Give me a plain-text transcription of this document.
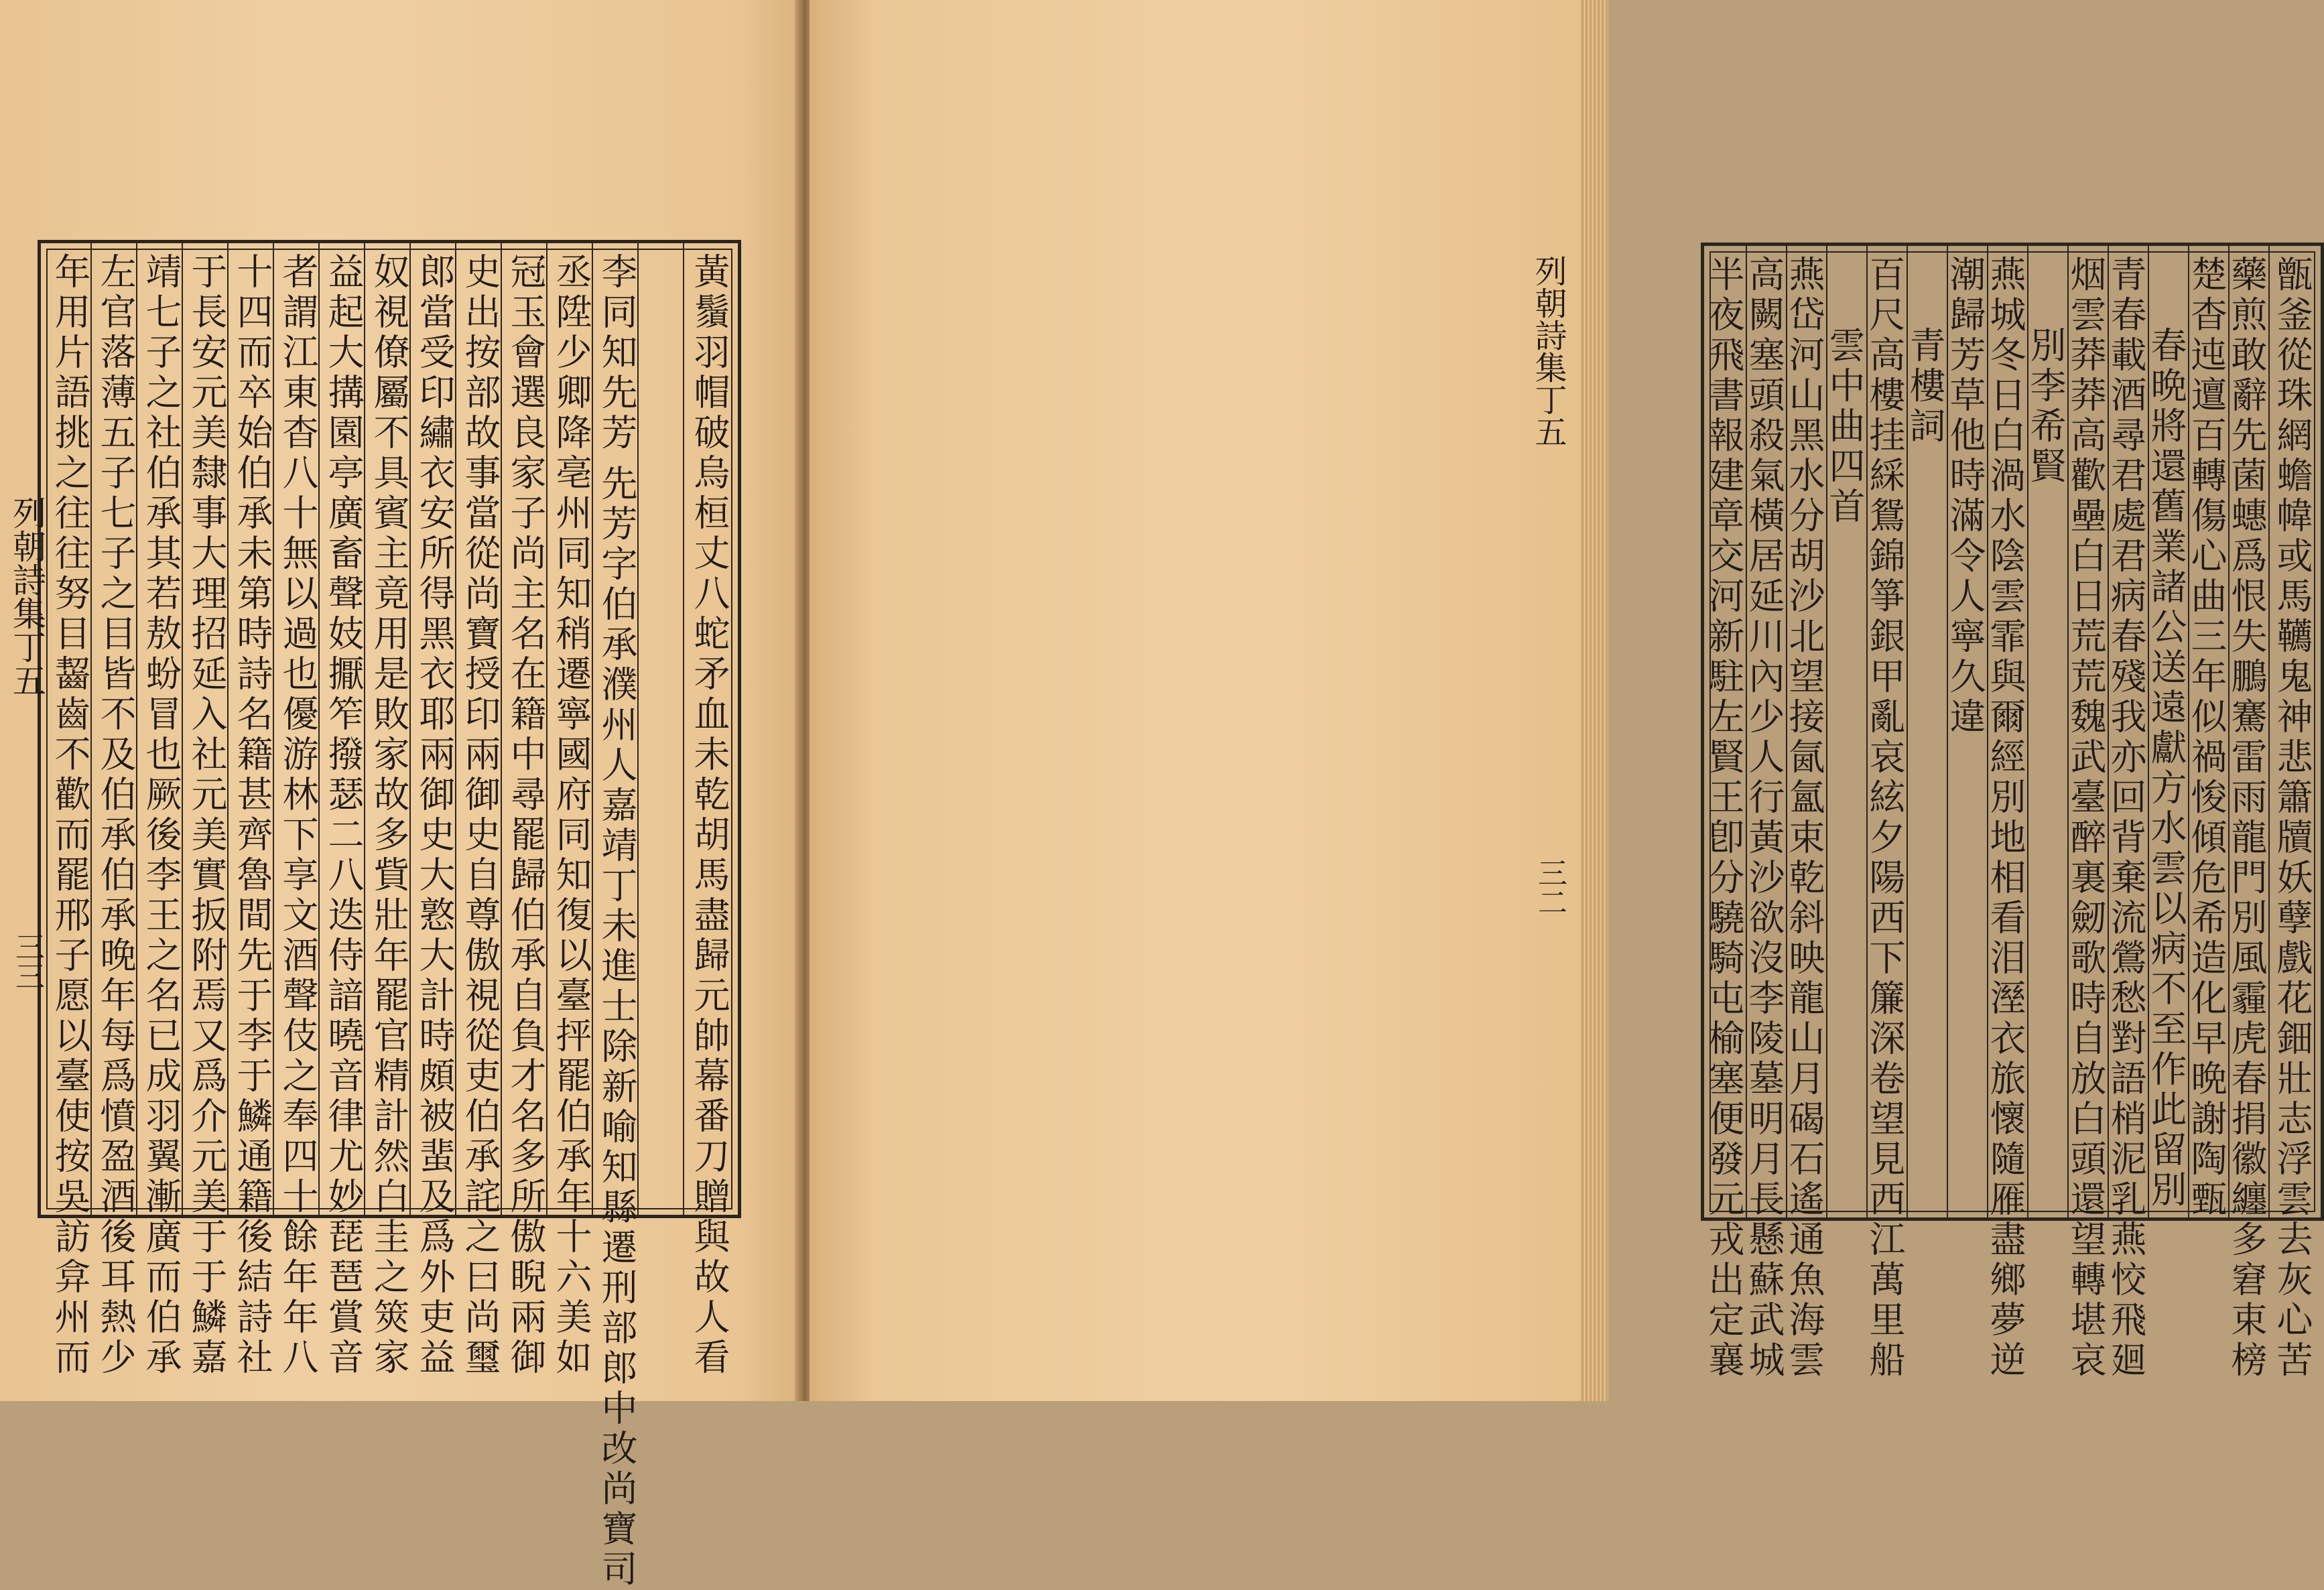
黃鬚羽帽破烏桓丈八蛇矛血未乾胡馬盡歸元帥幕番刀贈與故人看
李同知先芳
先芳字伯承濮州人嘉靖丁未進士除新喻知縣遷刑部郎中改尚寶司
丞陞少卿降亳州同知稍遷寧國府同知復以臺抨罷伯承年十六美如
冠玉會選良家子尚主名在籍中尋罷歸伯承自負才名多所傲睨兩御
史出按部故事當從尚寶授印兩御史自尊傲視從吏伯承詫之曰尚璽
郎當受印繡衣安所得黑衣耶兩御史大憝大計時頗被蜚及爲外吏益
奴視僚屬不具賓主竟用是敗家故多貲壯年罷官精計然白圭之筴家
益起大搆園亭廣畜聲妓擫笮撥瑟二八迭侍諳曉音律尤妙琵琶賞音
者謂江東杳八十無以過也優游林下享文酒聲伎之奉四十餘年年八
十四而卒始伯承未第時詩名籍甚齊魯間先于李于鱗通籍後結詩社
于長安元美隸事大理招延入社元美實扳附焉又爲介元美于于鱗嘉
靖七子之社伯承其若敖蚡冒也厥後李王之名已成羽翼漸廣而伯承
左官落薄五子七子之目皆不及伯承伯承晚年每爲憤盈酒後耳熱少
年用片語挑之往往努目齧齒不歡而罷邢子愿以臺使按吳訪弇州而
列朝詩集丁五
三三	甑釜從珠網蟾幃或馬韉鬼神悲簫牘妖孽戲花鈿壯志浮雲去灰心苦
藥煎敢辭先菌蟪爲恨失鵬騫雷雨龍門別風霾虎春捐徽纏多窘束榜
楚杳迍邅百轉傷心曲三年似禍悛傾危希造化早晩謝陶甄
春晩將還舊業諸公送遠獻方水雲以病不至作此留別
青春載酒尋君處君病春殘我亦回背棄流鶯愁對語梢泥乳燕恔飛廻
烟雲莽莽高歡壘白日荒荒魏武臺醉裏劒歌時自放白頭還望轉堪哀
別李希賢
燕城冬日白渦水陰雲霏與爾經別地相看泪溼衣旅懷隨雁盡鄉夢逆
潮歸芳草他時滿令人寧久違
青樓詞
百尺高樓挂綵鴛錦箏銀甲亂哀絃夕陽西下簾深卷望見西江萬里船
雲中曲四首
燕岱河山黑水分胡沙北望接氤氳束乾斜映龍山月碣石遙通魚海雲
高闕塞頭殺氣橫居延川內少人行黃沙欲沒李陵墓明月長懸蘇武城
半夜飛書報建章交河新駐左賢王卽分驍騎屯榆塞便發元戎出定襄
列朝詩集丁五
三二
